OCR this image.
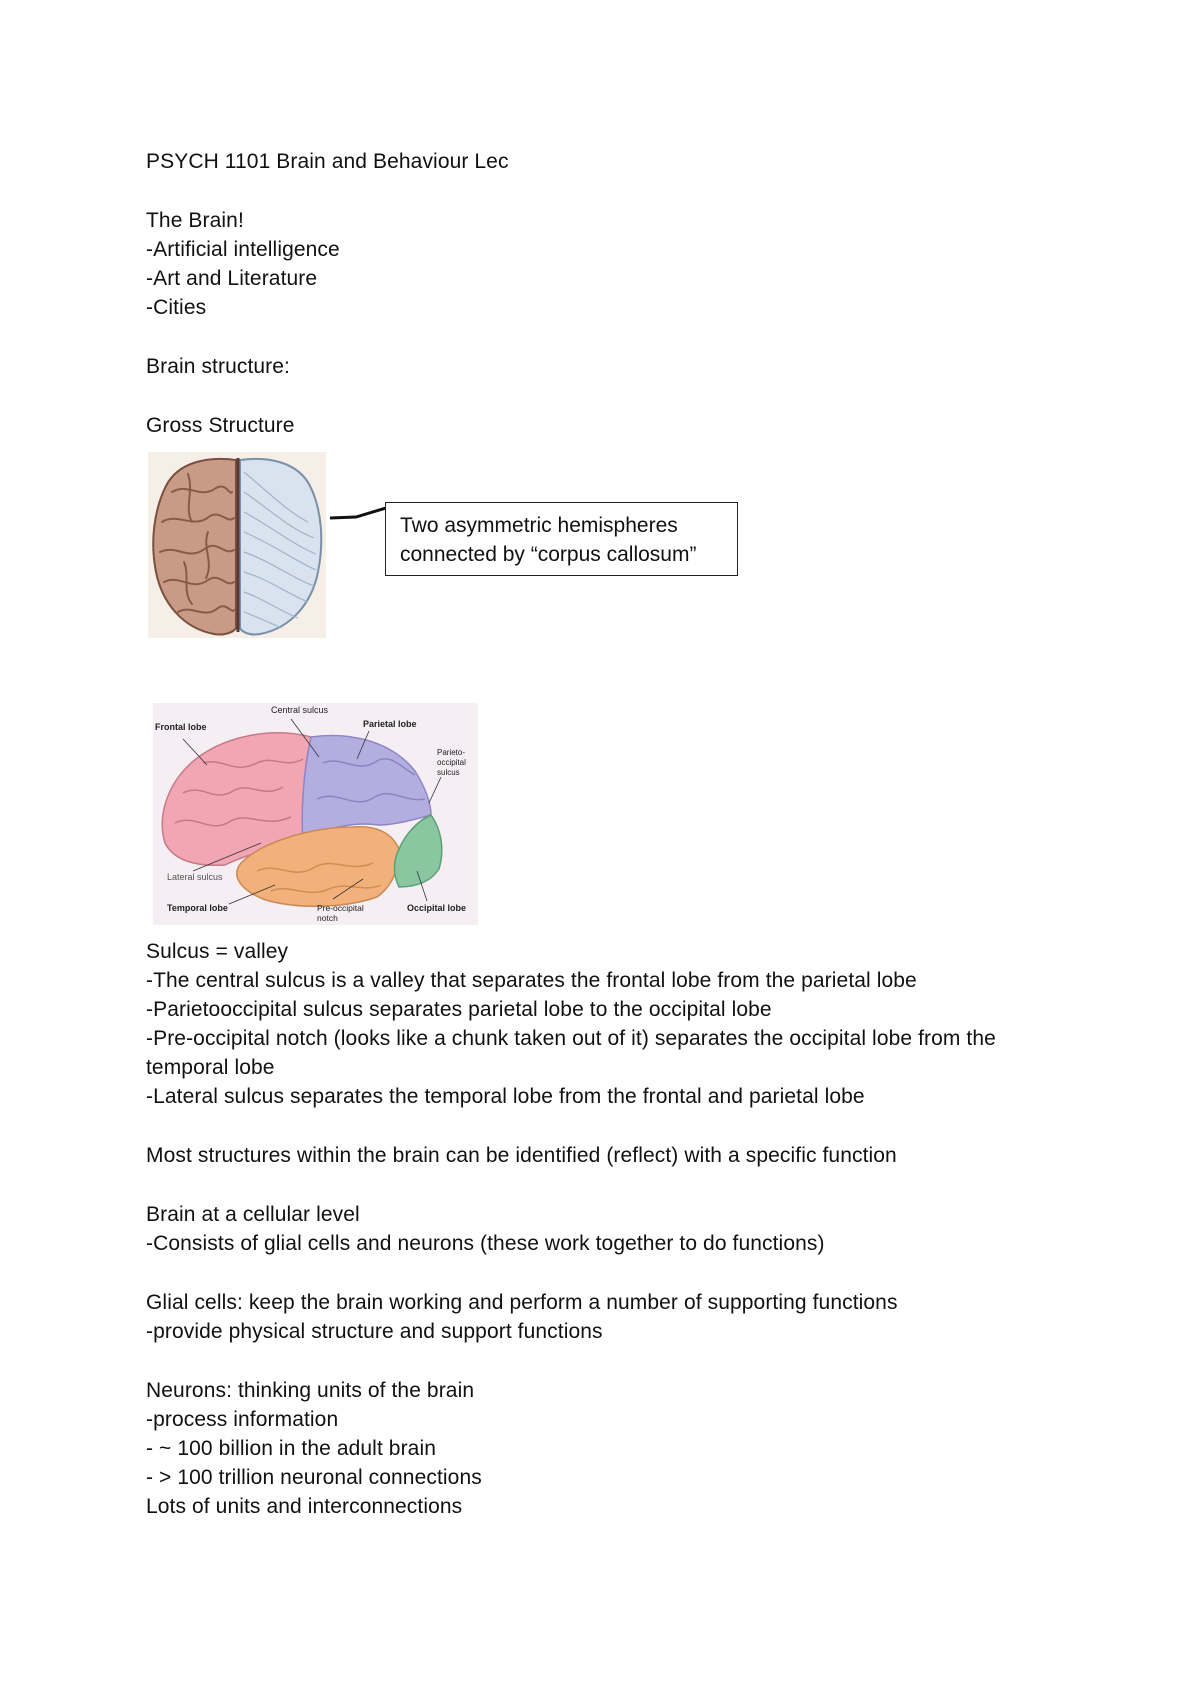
PSYCH 1101 Brain and Behaviour Lec
The Brain!
-Artificial intelligence
-Art and Literature
-Cities
Brain structure:
Gross Structure
Two asymmetric hemispheres
connected by “corpus callosum”
Frontal lobe
Central sulcus
Parietal lobe
Parieto-
occipital
sulcus
Lateral sulcus
Temporal lobe	Pre-occipital
notch
Occipital lobe
Sulcus = valley
-The central sulcus is a valley that separates the frontal lobe from the parietal lobe
-Parietooccipital sulcus separates parietal lobe to the occipital lobe
-Pre-occipital notch (looks like a chunk taken out of it) separates the occipital lobe from the
temporal lobe
-Lateral sulcus separates the temporal lobe from the frontal and parietal lobe
Most structures within the brain can be identified (reflect) with a specific function
Brain at a cellular level
-Consists of glial cells and neurons (these work together to do functions)
Glial cells: keep the brain working and perform a number of supporting functions
-provide physical structure and support functions
Neurons: thinking units of the brain
-process information
- ~ 100 billion in the adult brain
- > 100 trillion neuronal connections
Lots of units and interconnections
